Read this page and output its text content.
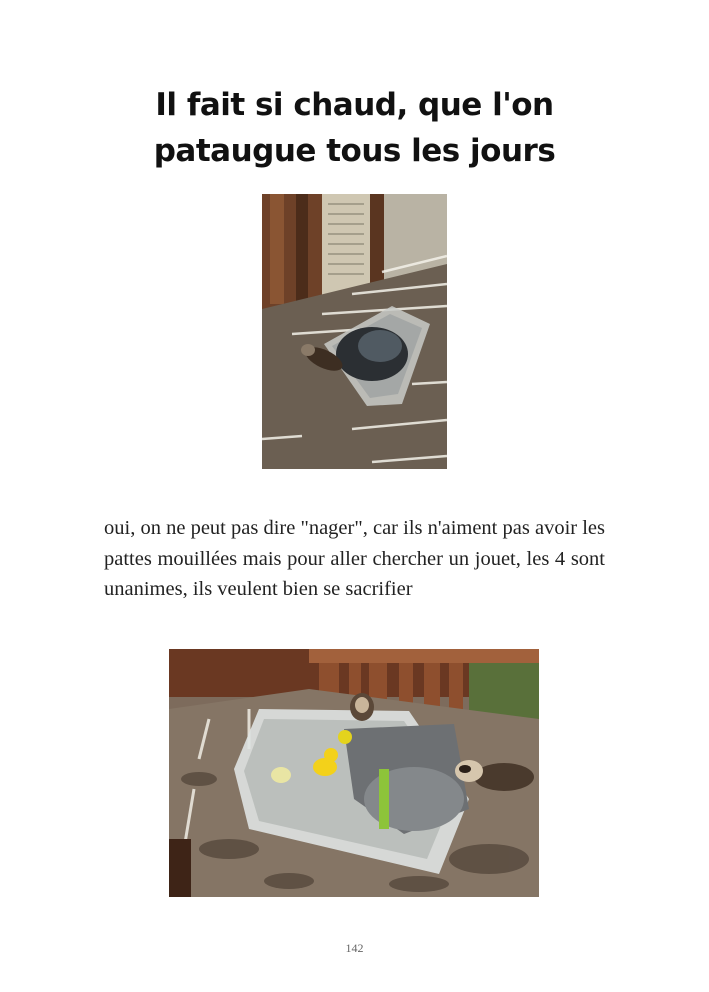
Il fait si chaud, que l'on
pataugue tous les jours

oui, on ne peut pas dire "nager", car ils n'aiment pas avoir les pattes mouillées mais pour aller chercher un jouet, les 4 sont unanimes, ils veulent bien se sacrifier

142
